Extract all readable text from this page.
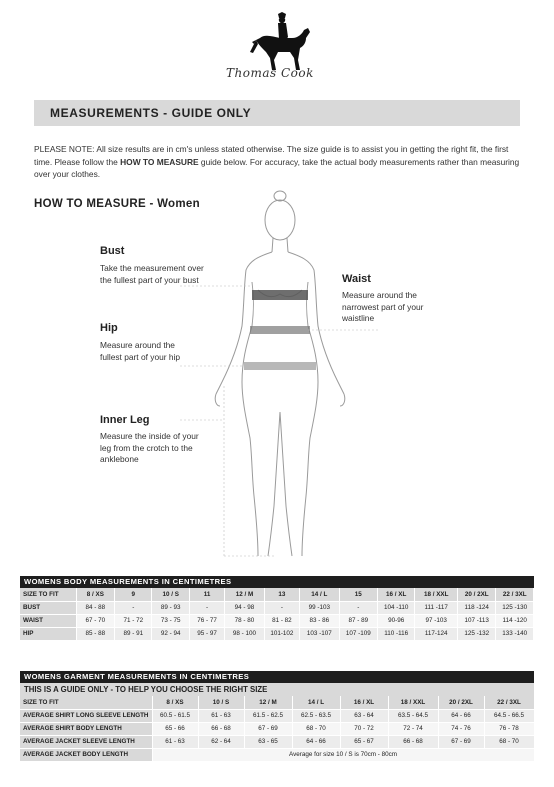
Thomas Cook
MEASUREMENTS - GUIDE ONLY
PLEASE NOTE: All size results are in cm's unless stated otherwise. The size guide is to assist you in getting the right fit, the first time. Please follow the HOW TO MEASURE guide below. For accuracy, take the actual body measurements rather than measuring over your clothes.
HOW TO MEASURE - Women
Bust
Take the measurement over
the fullest part of your bust	Waist
Measure around the
narrowest part of your
waistline
Hip
Measure around the
fullest part of your hip
Inner Leg
Measure the inside of your
leg from the crotch to the
anklebone
WOMENS BODY MEASUREMENTS IN CENTIMETRES
SIZE TO FIT	8 / XS	9	10 / S	11	12 / M	13	14 / L	15	16 / XL	18 / XXL	20 / 2XL	22 / 3XL
BUST	84 - 88	-	89 - 93	-	94 - 98	-	99 -103	-	104 -110	111 -117	118 -124	125 -130
WAIST	67 - 70	71 - 72	73 - 75	76 - 77	78 - 80	81 - 82	83 - 86	87 - 89	90-96	97 -103	107 -113	114 -120
HIP	85 - 88	89 - 91	92 - 94	95 - 97	98 - 100	101-102	103 -107	107 -109	110 -116	117-124	125 -132	133 -140
WOMENS GARMENT MEASUREMENTS IN CENTIMETRES
THIS IS A GUIDE ONLY - TO HELP YOU CHOOSE THE RIGHT SIZE
SIZE TO FIT	8 / XS	10 / S	12 / M	14 / L	16 / XL	18 / XXL	20 / 2XL	22 / 3XL
AVERAGE SHIRT LONG SLEEVE LENGTH	60.5 - 61.5	61 - 63	61.5 - 62.5	62.5 - 63.5	63 - 64	63.5 - 64.5	64 - 66	64.5 - 66.5
AVERAGE SHIRT BODY LENGTH	65 - 66	66 - 68	67 - 69	68 - 70	70 - 72	72 - 74	74 - 76	76 - 78
AVERAGE JACKET SLEEVE LENGTH	61 - 63	62 - 64	63 - 65	64 - 66	65 - 67	66 - 68	67 - 69	68 - 70
AVERAGE JACKET BODY LENGTH	Average for size 10 / S is 70cm - 80cm							
